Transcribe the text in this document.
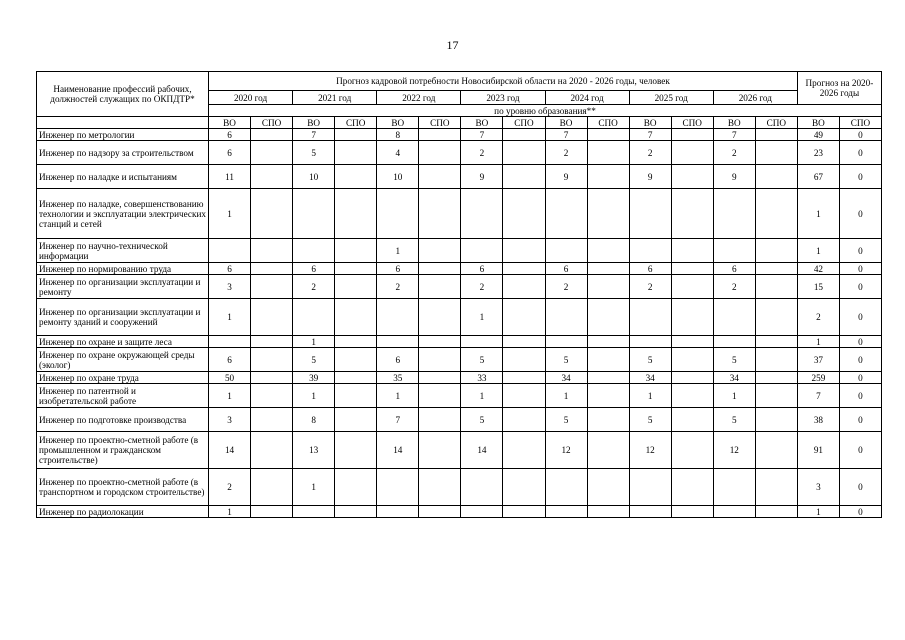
17
Наименование профессий рабочих, должностей служащих по ОКПДТР*	Прогноз кадровой потребности Новосибирской области на 2020 - 2026 годы, человек														Прогноз на 2020-2026 годы	
	2020 год		2021 год		2022 год		2023 год		2024 год		2025 год		2026 год			
	по уровню образования**															
	ВО	СПО	ВО	СПО	ВО	СПО	ВО	СПО	ВО	СПО	ВО	СПО	ВО	СПО	ВО	СПО
Инженер по метрологии	6		7		8		7		7		7		7		49	0
Инженер по надзору за строительством	6		5		4		2		2		2		2		23	0
Инженер по наладке и испытаниям	11		10		10		9		9		9		9		67	0
Инженер по наладке, совершенствованию технологии и эксплуатации электрических станций и сетей	1														1	0
Инженер по научно-технической информации					1										1	0
Инженер по нормированию труда	6		6		6		6		6		6		6		42	0
Инженер по организации эксплуатации и ремонту	3		2		2		2		2		2		2		15	0
Инженер по организации эксплуатации и ремонту зданий и сооружений	1						1								2	0
Инженер по охране и защите леса			1												1	0
Инженер по охране окружающей среды (эколог)	6		5		6		5		5		5		5		37	0
Инженер по охране труда	50		39		35		33		34		34		34		259	0
Инженер по патентной и изобретательской работе	1		1		1		1		1		1		1		7	0
Инженер по подготовке производства	3		8		7		5		5		5		5		38	0
Инженер по проектно-сметной работе (в промышленном и гражданском строительстве)	14		13		14		14		12		12		12		91	0
Инженер по проектно-сметной работе (в транспортном и городском строительстве)	2		1												3	0
Инженер по радиолокации	1														1	0
